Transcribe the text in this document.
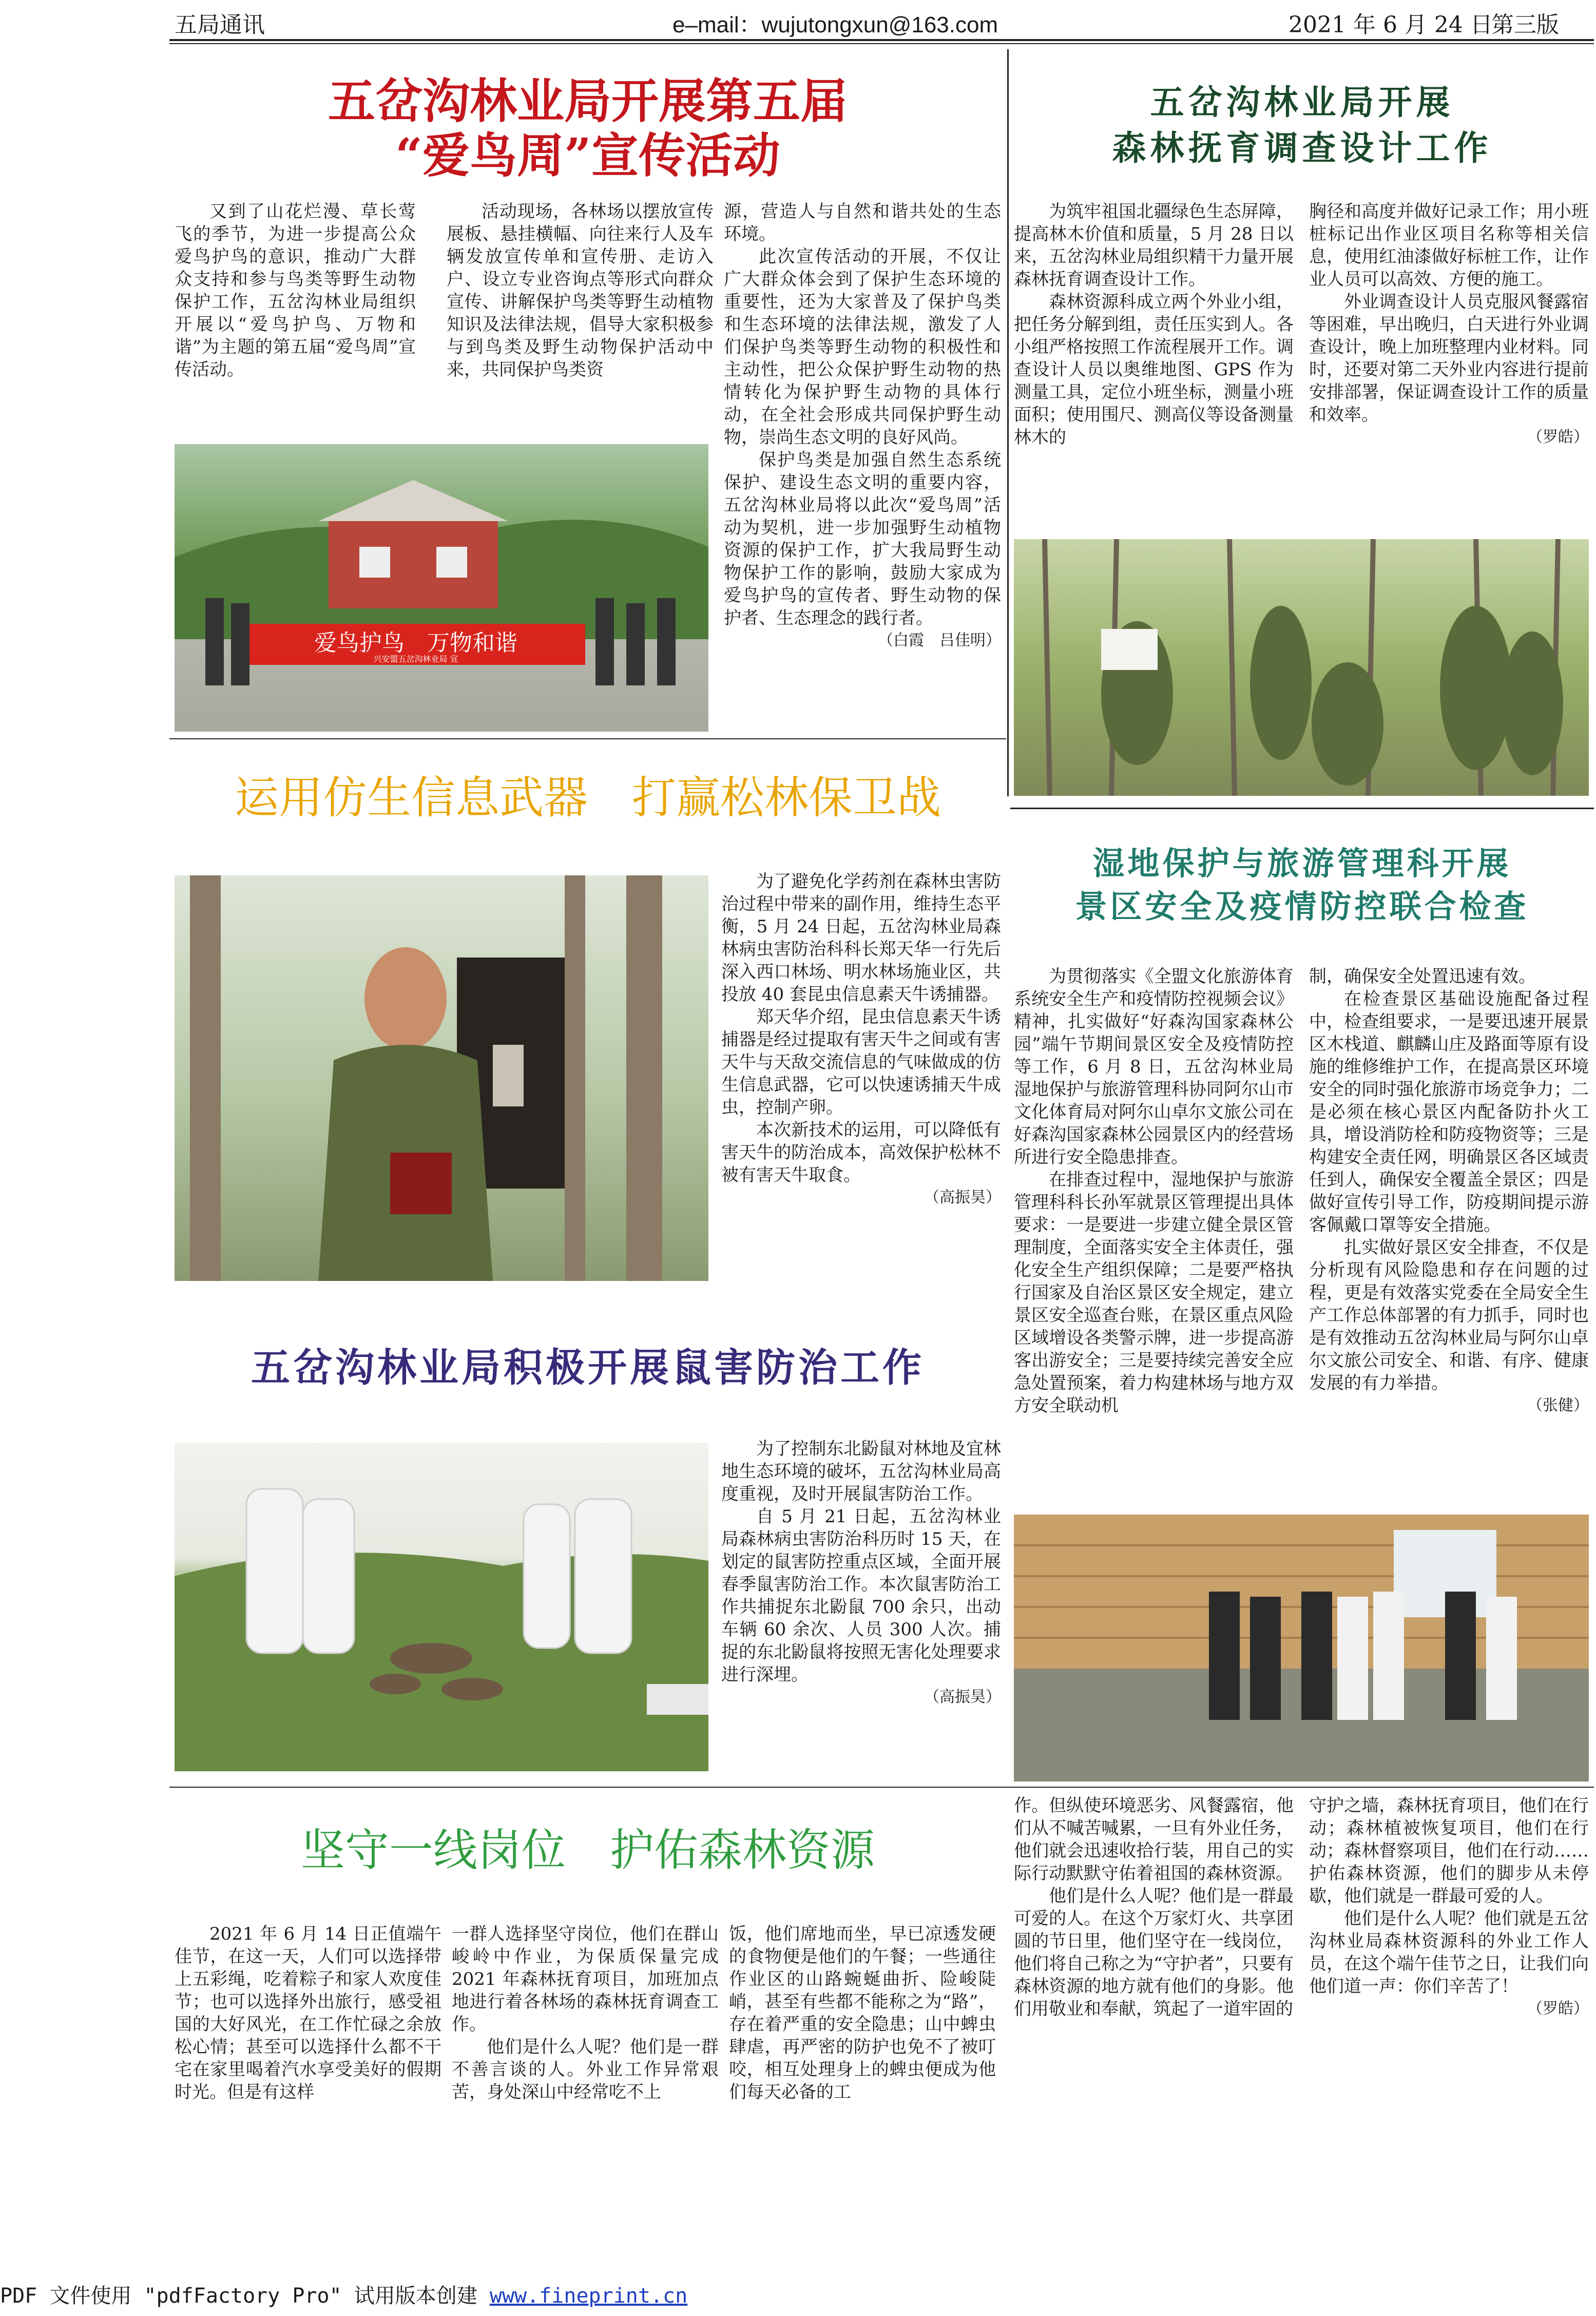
五局通讯	e–mail：wujutongxun@163.com	2021 年 6 月 24 日
第三版
五岔沟林业局开展第五届
“爱鸟周”宣传活动

又到了山花烂漫、草长莺飞的季节，为进一步提高公众爱鸟护鸟的意识，推动广大群众支持和参与鸟类等野生动物保护工作，五岔沟林业局组织开展以“爱鸟护鸟、万物和谐”为主题的第五届“爱鸟周”宣传活动。

活动现场，各林场以摆放宣传展板、悬挂横幅、向往来行人及车辆发放宣传单和宣传册、走访入户、设立专业咨询点等形式向群众宣传、讲解保护鸟类等野生动植物知识及法律法规，倡导大家积极参与到鸟类及野生动物保护活动中来，共同保护鸟类资

源，营造人与自然和谐共处的生态环境。

此次宣传活动的开展，不仅让广大群众体会到了保护生态环境的重要性，还为大家普及了保护鸟类和生态环境的法律法规，激发了人们保护鸟类等野生动物的积极性和主动性，把公众保护野生动物的热情转化为保护野生动物的具体行动，在全社会形成共同保护野生动物，崇尚生态文明的良好风尚。

保护鸟类是加强自然生态系统保护、建设生态文明的重要内容，五岔沟林业局将以此次“爱鸟周”活动为契机，进一步加强野生动植物资源的保护工作，扩大我局野生动物保护工作的影响，鼓励大家成为爱鸟护鸟的宣传者、野生动物的保护者、生态理念的践行者。

（白霞　吕佳明）
爱鸟护鸟　万物和谐
兴安盟五岔沟林业局 宣
五岔沟林业局开展
森林抚育调查设计工作

为筑牢祖国北疆绿色生态屏障，提高林木价值和质量，5 月 28 日以来，五岔沟林业局组织精干力量开展森林抚育调查设计工作。

森林资源科成立两个外业小组，把任务分解到组，责任压实到人。各小组严格按照工作流程展开工作。调查设计人员以奥维地图、GPS 作为测量工具，定位小班坐标，测量小班面积；使用围尺、测高仪等设备测量林木的

胸径和高度并做好记录工作；用小班桩标记出作业区项目名称等相关信息，使用红油漆做好标桩工作，让作业人员可以高效、方便的施工。

外业调查设计人员克服风餐露宿等困难，早出晚归，白天进行外业调查设计，晚上加班整理内业材料。同时，还要对第二天外业内容进行提前安排部署，保证调查设计工作的质量和效率。

（罗皓）
运用仿生信息武器　打赢松林保卫战

为了避免化学药剂在森林虫害防治过程中带来的副作用，维持生态平衡，5 月 24 日起，五岔沟林业局森林病虫害防治科科长郑天华一行先后深入西口林场、明水林场施业区，共投放 40 套昆虫信息素天牛诱捕器。

郑天华介绍，昆虫信息素天牛诱捕器是经过提取有害天牛之间或有害天牛与天敌交流信息的气味做成的仿生信息武器，它可以快速诱捕天牛成虫，控制产卵。

本次新技术的运用，可以降低有害天牛的防治成本，高效保护松林不被有害天牛取食。

（高振昊）
湿地保护与旅游管理科开展
景区安全及疫情防控联合检查

为贯彻落实《全盟文化旅游体育系统安全生产和疫情防控视频会议》精神，扎实做好“好森沟国家森林公园”端午节期间景区安全及疫情防控等工作，6 月 8 日，五岔沟林业局湿地保护与旅游管理科协同阿尔山市文化体育局对阿尔山卓尔文旅公司在好森沟国家森林公园景区内的经营场所进行安全隐患排查。

在排查过程中，湿地保护与旅游管理科科长孙军就景区管理提出具体要求：一是要进一步建立健全景区管理制度，全面落实安全主体责任，强化安全生产组织保障；二是要严格执行国家及自治区景区安全规定，建立景区安全巡查台账，在景区重点风险区域增设各类警示牌，进一步提高游客出游安全；三是要持续完善安全应急处置预案，着力构建林场与地方双方安全联动机

制，确保安全处置迅速有效。

在检查景区基础设施配备过程中，检查组要求，一是要迅速开展景区木栈道、麒麟山庄及路面等原有设施的维修维护工作，在提高景区环境安全的同时强化旅游市场竞争力；二是必须在核心景区内配备防扑火工具，增设消防栓和防疫物资等；三是构建安全责任网，明确景区各区域责任到人，确保安全覆盖全景区；四是做好宣传引导工作，防疫期间提示游客佩戴口罩等安全措施。

扎实做好景区安全排查，不仅是分析现有风险隐患和存在问题的过程，更是有效落实党委在全局安全生产工作总体部署的有力抓手，同时也是有效推动五岔沟林业局与阿尔山卓尔文旅公司安全、和谐、有序、健康发展的有力举措。

（张健）
五岔沟林业局积极开展鼠害防治工作

为了控制东北鼢鼠对林地及宜林地生态环境的破坏，五岔沟林业局高度重视，及时开展鼠害防治工作。

自 5 月 21 日起，五岔沟林业局森林病虫害防治科历时 15 天，在划定的鼠害防控重点区域，全面开展春季鼠害防治工作。本次鼠害防治工作共捕捉东北鼢鼠 700 余只，出动车辆 60 余次、人员 300 人次。捕捉的东北鼢鼠将按照无害化处理要求进行深埋。

（高振昊）
坚守一线岗位　护佑森林资源

2021 年 6 月 14 日正值端午佳节，在这一天，人们可以选择带上五彩绳，吃着粽子和家人欢度佳节；也可以选择外出旅行，感受祖国的大好风光，在工作忙碌之余放松心情；甚至可以选择什么都不干宅在家里喝着汽水享受美好的假期时光。但是有这样

一群人选择坚守岗位，他们在群山峻岭中作业，为保质保量完成 2021 年森林抚育项目，加班加点地进行着各林场的森林抚育调查工作。

他们是什么人呢？他们是一群不善言谈的人。外业工作异常艰苦，身处深山中经常吃不上

饭，他们席地而坐，早已凉透发硬的食物便是他们的午餐；一些通往作业区的山路蜿蜒曲折、险峻陡峭，甚至有些都不能称之为“路”，存在着严重的安全隐患；山中蜱虫肆虐，再严密的防护也免不了被叮咬，相互处理身上的蜱虫便成为他们每天必备的工

作。但纵使环境恶劣、风餐露宿，他们从不喊苦喊累，一旦有外业任务，他们就会迅速收拾行装，用自己的实际行动默默守佑着祖国的森林资源。

他们是什么人呢？他们是一群最可爱的人。在这个万家灯火、共享团圆的节日里，他们坚守在一线岗位，他们将自己称之为“守护者”，只要有森林资源的地方就有他们的身影。他们用敬业和奉献，筑起了一道牢固的

守护之墙，森林抚育项目，他们在行动；森林植被恢复项目，他们在行动；森林督察项目，他们在行动……护佑森林资源，他们的脚步从未停歇，他们就是一群最可爱的人。

他们是什么人呢？他们就是五岔沟林业局森林资源科的外业工作人员，在这个端午佳节之日，让我们向他们道一声：你们辛苦了！

（罗皓）
PDF 文件使用 "pdfFactory Pro" 试用版本创建 www.fineprint.cn
